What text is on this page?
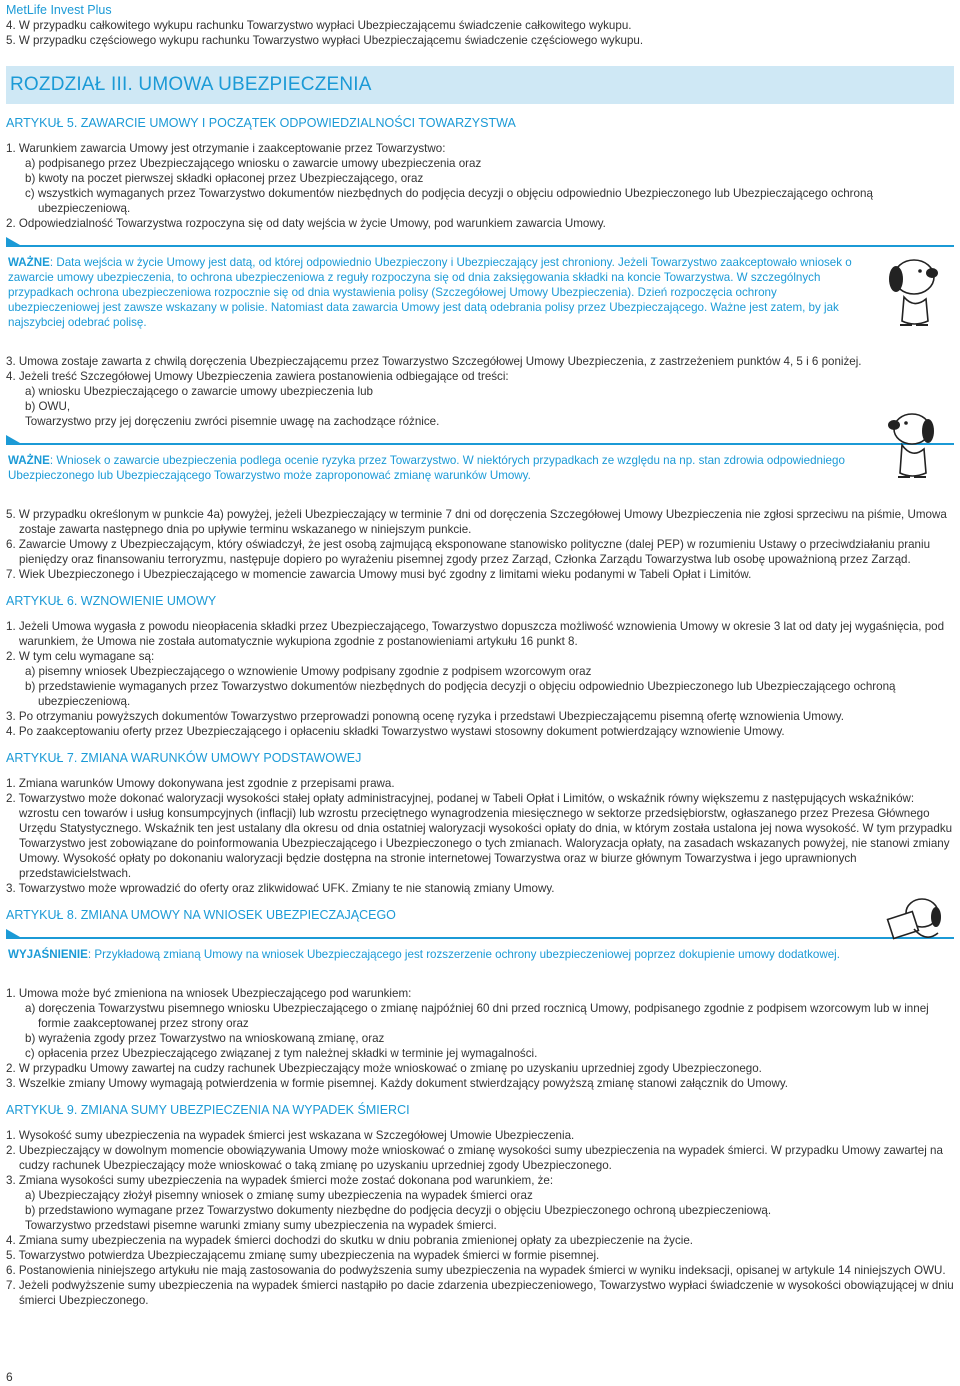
MetLife Invest Plus

4. W przypadku całkowitego wykupu rachunku Towarzystwo wypłaci Ubezpieczającemu świadczenie całkowitego wykupu.

5. W przypadku częściowego wykupu rachunku Towarzystwo wypłaci Ubezpieczającemu świadczenie częściowego wykupu.

ROZDZIAŁ III. UMOWA UBEZPIECZENIA
ARTYKUŁ 5. ZAWARCIE UMOWY I POCZĄTEK ODPOWIEDZIALNOŚCI TOWARZYSTWA

1. Warunkiem zawarcia Umowy jest otrzymanie i zaakceptowanie przez Towarzystwo:

a) podpisanego przez Ubezpieczającego wniosku o zawarcie umowy ubezpieczenia oraz

b) kwoty na poczet pierwszej składki opłaconej przez Ubezpieczającego, oraz

c) wszystkich wymaganych przez Towarzystwo dokumentów niezbędnych do podjęcia decyzji o objęciu odpowiednio Ubezpieczonego lub Ubezpieczającego ochroną ubezpieczeniową.

2. Odpowiedzialność Towarzystwa rozpoczyna się od daty wejścia w życie Umowy, pod warunkiem zawarcia Umowy.

WAŻNE: Data wejścia w życie Umowy jest datą, od której odpowiednio Ubezpieczony i Ubezpieczający jest chroniony. Jeżeli Towarzystwo zaakceptowało wniosek o zawarcie umowy ubezpieczenia, to ochrona ubezpieczeniowa z reguły rozpoczyna się od dnia zaksięgowania składki na koncie Towarzystwa. W szczególnych przypadkach ochrona ubezpieczeniowa rozpocznie się od dnia wystawienia polisy (Szczegółowej Umowy Ubezpieczenia). Dzień rozpoczęcia ochrony ubezpieczeniowej jest zawsze wskazany w polisie. Natomiast data zawarcia Umowy jest datą odebrania polisy przez Ubezpieczającego. Ważne jest zatem, by jak najszybciej odebrać polisę.

3. Umowa zostaje zawarta z chwilą doręczenia Ubezpieczającemu przez Towarzystwo Szczegółowej Umowy Ubezpieczenia, z zastrzeżeniem punktów 4, 5 i 6 poniżej.

4. Jeżeli treść Szczegółowej Umowy Ubezpieczenia zawiera postanowienia odbiegające od treści:

a) wniosku Ubezpieczającego o zawarcie umowy ubezpieczenia lub

b) OWU,

Towarzystwo przy jej doręczeniu zwróci pisemnie uwagę na zachodzące różnice.

WAŻNE: Wniosek o zawarcie ubezpieczenia podlega ocenie ryzyka przez Towarzystwo. W niektórych przypadkach ze względu na np. stan zdrowia odpowiedniego Ubezpieczonego lub Ubezpieczającego Towarzystwo może zaproponować zmianę warunków Umowy.

5. W przypadku określonym w punkcie 4a) powyżej, jeżeli Ubezpieczający w terminie 7 dni od doręczenia Szczegółowej Umowy Ubezpieczenia nie zgłosi sprzeciwu na piśmie, Umowa zostaje zawarta następnego dnia po upływie terminu wskazanego w niniejszym punkcie.

6. Zawarcie Umowy z Ubezpieczającym, który oświadczył, że jest osobą zajmującą eksponowane stanowisko polityczne (dalej PEP) w rozumieniu Ustawy o przeciwdziałaniu praniu pieniędzy oraz finansowaniu terroryzmu, następuje dopiero po wyrażeniu pisemnej zgody przez Zarząd, Członka Zarządu Towarzystwa lub osobę upoważnioną przez Zarząd.

7. Wiek Ubezpieczonego i Ubezpieczającego w momencie zawarcia Umowy musi być zgodny z limitami wieku podanymi w Tabeli Opłat i Limitów.

ARTYKUŁ 6. WZNOWIENIE UMOWY

1. Jeżeli Umowa wygasła z powodu nieopłacenia składki przez Ubezpieczającego, Towarzystwo dopuszcza możliwość wznowienia Umowy w okresie 3 lat od daty jej wygaśnięcia, pod warunkiem, że Umowa nie została automatycznie wykupiona zgodnie z postanowieniami artykułu 16 punkt 8.

2. W tym celu wymagane są:

a) pisemny wniosek Ubezpieczającego o wznowienie Umowy podpisany zgodnie z podpisem wzorcowym oraz

b) przedstawienie wymaganych przez Towarzystwo dokumentów niezbędnych do podjęcia decyzji o objęciu odpowiednio Ubezpieczonego lub Ubezpieczającego ochroną ubezpieczeniową.

3. Po otrzymaniu powyższych dokumentów Towarzystwo przeprowadzi ponowną ocenę ryzyka i przedstawi Ubezpieczającemu pisemną ofertę wznowienia Umowy.

4. Po zaakceptowaniu oferty przez Ubezpieczającego i opłaceniu składki Towarzystwo wystawi stosowny dokument potwierdzający wznowienie Umowy.

ARTYKUŁ 7. ZMIANA WARUNKÓW UMOWY PODSTAWOWEJ

1. Zmiana warunków Umowy dokonywana jest zgodnie z przepisami prawa.

2. Towarzystwo może dokonać waloryzacji wysokości stałej opłaty administracyjnej, podanej w Tabeli Opłat i Limitów, o wskaźnik równy większemu z następujących wskaźników: wzrostu cen towarów i usług konsumpcyjnych (inflacji) lub wzrostu przeciętnego wynagrodzenia miesięcznego w sektorze przedsiębiorstw, ogłaszanego przez Prezesa Głównego Urzędu Statystycznego. Wskaźnik ten jest ustalany dla okresu od dnia ostatniej waloryzacji wysokości opłaty do dnia, w którym została ustalona jej nowa wysokość. W tym przypadku Towarzystwo jest zobowiązane do poinformowania Ubezpieczającego i Ubezpieczonego o tych zmianach. Waloryzacja opłaty, na zasadach wskazanych powyżej, nie stanowi zmiany Umowy. Wysokość opłaty po dokonaniu waloryzacji będzie dostępna na stronie internetowej Towarzystwa oraz w biurze głównym Towarzystwa i jego uprawnionych przedstawicielstwach.

3. Towarzystwo może wprowadzić do oferty oraz zlikwidować UFK. Zmiany te nie stanowią zmiany Umowy.

ARTYKUŁ 8. ZMIANA UMOWY NA WNIOSEK UBEZPIECZAJĄCEGO

WYJAŚNIENIE: Przykładową zmianą Umowy na wniosek Ubezpieczającego jest rozszerzenie ochrony ubezpieczeniowej poprzez dokupienie umowy dodatkowej.

1. Umowa może być zmieniona na wniosek Ubezpieczającego pod warunkiem:

a) doręczenia Towarzystwu pisemnego wniosku Ubezpieczającego o zmianę najpóźniej 60 dni przed rocznicą Umowy, podpisanego zgodnie z podpisem wzorcowym lub w innej formie zaakceptowanej przez strony oraz

b) wyrażenia zgody przez Towarzystwo na wnioskowaną zmianę, oraz

c) opłacenia przez Ubezpieczającego związanej z tym należnej składki w terminie jej wymagalności.

2. W przypadku Umowy zawartej na cudzy rachunek Ubezpieczający może wnioskować o zmianę po uzyskaniu uprzedniej zgody Ubezpieczonego.

3. Wszelkie zmiany Umowy wymagają potwierdzenia w formie pisemnej. Każdy dokument stwierdzający powyższą zmianę stanowi załącznik do Umowy.

ARTYKUŁ 9. ZMIANA SUMY UBEZPIECZENIA NA WYPADEK ŚMIERCI

1. Wysokość sumy ubezpieczenia na wypadek śmierci jest wskazana w Szczegółowej Umowie Ubezpieczenia.

2. Ubezpieczający w dowolnym momencie obowiązywania Umowy może wnioskować o zmianę wysokości sumy ubezpieczenia na wypadek śmierci. W przypadku Umowy zawartej na cudzy rachunek Ubezpieczający może wnioskować o taką zmianę po uzyskaniu uprzedniej zgody Ubezpieczonego.

3. Zmiana wysokości sumy ubezpieczenia na wypadek śmierci może zostać dokonana pod warunkiem, że:

a) Ubezpieczający złożył pisemny wniosek o zmianę sumy ubezpieczenia na wypadek śmierci oraz

b) przedstawiono wymagane przez Towarzystwo dokumenty niezbędne do podjęcia decyzji o objęciu Ubezpieczonego ochroną ubezpieczeniową.

Towarzystwo przedstawi pisemne warunki zmiany sumy ubezpieczenia na wypadek śmierci.

4. Zmiana sumy ubezpieczenia na wypadek śmierci dochodzi do skutku w dniu pobrania zmienionej opłaty za ubezpieczenie na życie.

5. Towarzystwo potwierdza Ubezpieczającemu zmianę sumy ubezpieczenia na wypadek śmierci w formie pisemnej.

6. Postanowienia niniejszego artykułu nie mają zastosowania do podwyższenia sumy ubezpieczenia na wypadek śmierci w wyniku indeksacji, opisanej w artykule 14 niniejszych OWU.

7. Jeżeli podwyższenie sumy ubezpieczenia na wypadek śmierci nastąpiło po dacie zdarzenia ubezpieczeniowego, Towarzystwo wypłaci świadczenie w wysokości obowiązującej w dniu śmierci Ubezpieczonego.

6
